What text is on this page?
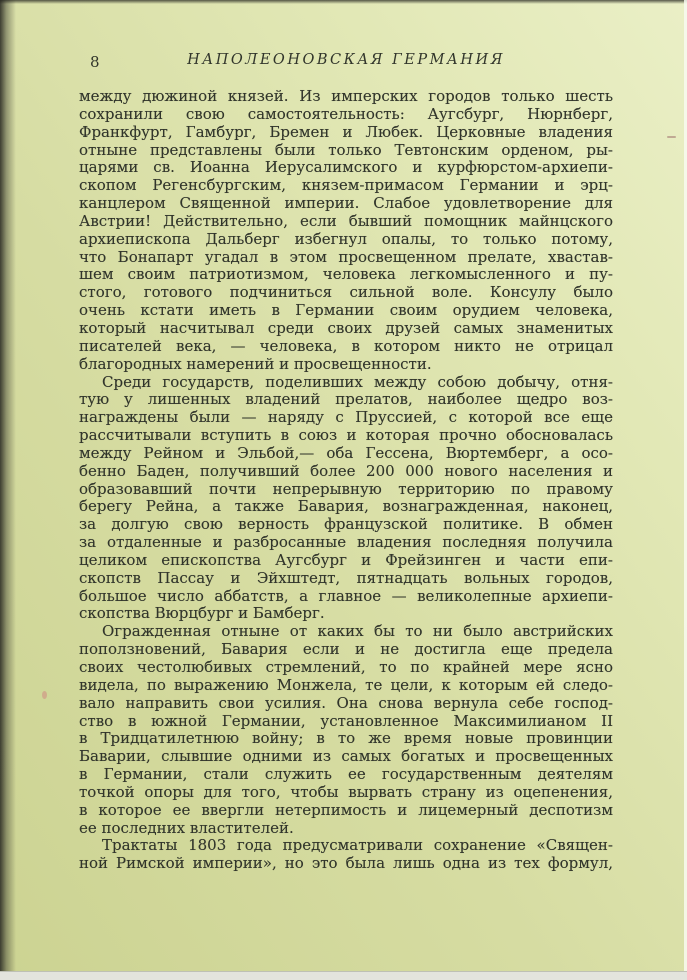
8	НАПОЛЕОНОВСКАЯ ГЕРМАНИЯ
между дюжиной князей. Из имперских городов только шесть
сохранили свою самостоятельность: Аугсбург, Нюрнберг,
Франкфурт, Гамбург, Бремен и Любек. Церковные владения
отныне представлены были только Тевтонским орденом, ры-
царями св. Иоанна Иерусалимского и курфюрстом-архиепи-
скопом Регенсбургским, князем-примасом Германии и эрц-
канцлером Священной империи. Слабое удовлетворение для
Австрии! Действительно, если бывший помощник майнцского
архиепископа Дальберг избегнул опалы, то только потому,
что Бонапарт угадал в этом просвещенном прелате, хвастав-
шем своим патриотизмом, человека легкомысленного и пу-
стого, готового подчиниться сильной воле. Консулу было
очень кстати иметь в Германии своим орудием человека,
который насчитывал среди своих друзей самых знаменитых
писателей века, — человека, в котором никто не отрицал
благородных намерений и просвещенности.
Среди государств, поделивших между собою добычу, отня-
тую у лишенных владений прелатов, наиболее щедро воз-
награждены были — наряду с Пруссией, с которой все еще
рассчитывали вступить в союз и которая прочно обосновалась
между Рейном и Эльбой,— оба Гессена, Вюртемберг, а осо-
бенно Баден, получивший более 200 000 нового населения и
образовавший почти непрерывную территорию по правому
берегу Рейна, а также Бавария, вознагражденная, наконец,
за долгую свою верность французской политике. В обмен
за отдаленные и разбросанные владения последняя получила
целиком епископства Аугсбург и Фрейзинген и части епи-
скопств Пассау и Эйхштедт, пятнадцать вольных городов,
большое число аббатств, а главное — великолепные архиепи-
скопства Вюрцбург и Бамберг.
Огражденная отныне от каких бы то ни было австрийских
поползновений, Бавария если и не достигла еще предела
своих честолюбивых стремлений, то по крайней мере ясно
видела, по выражению Монжела, те цели, к которым ей следо-
вало направить свои усилия. Она снова вернула себе господ-
ство в южной Германии, установленное Максимилианом II
в Тридцатилетнюю войну; в то же время новые провинции
Баварии, слывшие одними из самых богатых и просвещенных
в Германии, стали служить ее государственным деятелям
точкой опоры для того, чтобы вырвать страну из оцепенения,
в которое ее ввергли нетерпимость и лицемерный деспотизм
ее последних властителей.
Трактаты 1803 года предусматривали сохранение «Священ-
ной Римской империи», но это была лишь одна из тех формул,
